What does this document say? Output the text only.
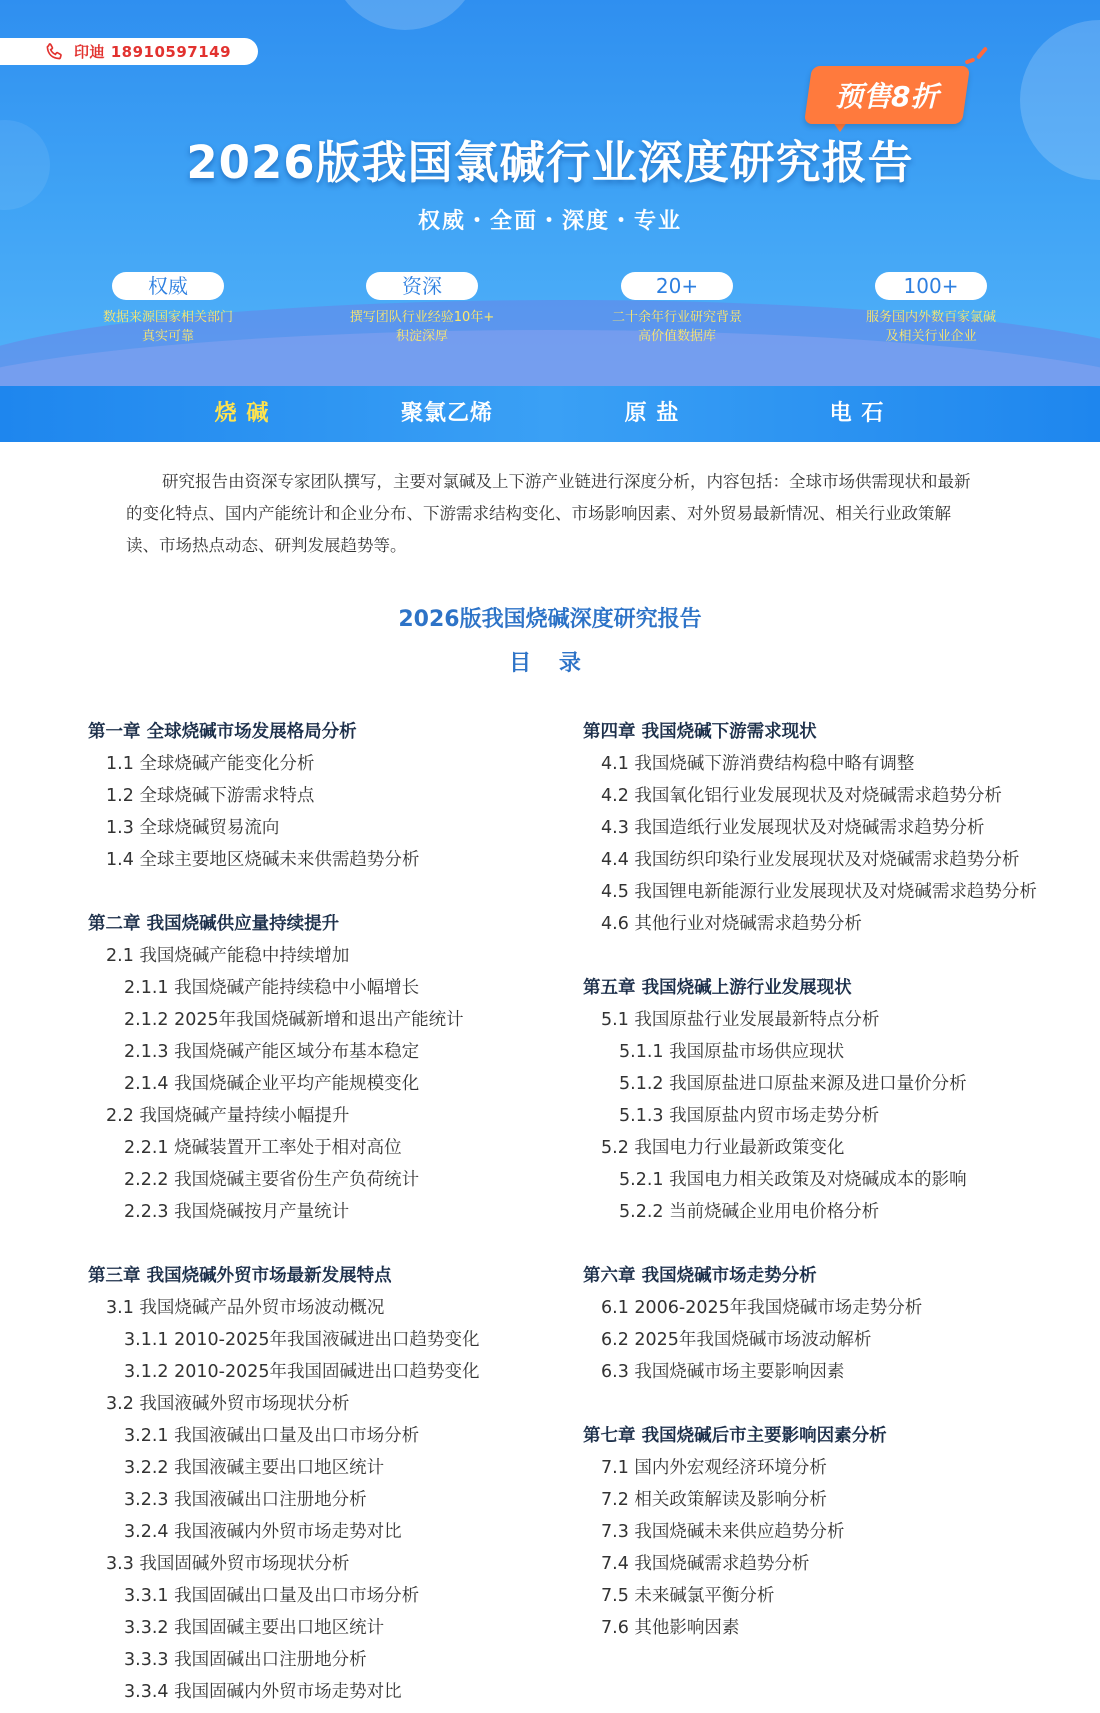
印迪 18910597149
预售8折
2026版我国氯碱行业深度研究报告
权威・全面・深度・专业
权威
数据来源国家相关部门
真实可靠
资深
撰写团队行业经验10年+
积淀深厚
20+
二十余年行业研究背景
高价值数据库
100+
服务国内外数百家氯碱
及相关行业企业
烧 碱	聚氯乙烯	原 盐	电 石
研究报告由资深专家团队撰写，主要对氯碱及上下游产业链进行深度分析，内容包括：全球市场供需现状和最新的变化特点、国内产能统计和企业分布、下游需求结构变化、市场影响因素、对外贸易最新情况、相关行业政策解读、市场热点动态、研判发展趋势等。
2026版我国烧碱深度研究报告
目 录
第一章 全球烧碱市场发展格局分析
1.1 全球烧碱产能变化分析
1.2 全球烧碱下游需求特点
1.3 全球烧碱贸易流向
1.4 全球主要地区烧碱未来供需趋势分析
第二章 我国烧碱供应量持续提升
2.1 我国烧碱产能稳中持续增加
2.1.1 我国烧碱产能持续稳中小幅增长
2.1.2 2025年我国烧碱新增和退出产能统计
2.1.3 我国烧碱产能区域分布基本稳定
2.1.4 我国烧碱企业平均产能规模变化
2.2 我国烧碱产量持续小幅提升
2.2.1 烧碱装置开工率处于相对高位
2.2.2 我国烧碱主要省份生产负荷统计
2.2.3 我国烧碱按月产量统计
第三章 我国烧碱外贸市场最新发展特点
3.1 我国烧碱产品外贸市场波动概况
3.1.1 2010-2025年我国液碱进出口趋势变化
3.1.2 2010-2025年我国固碱进出口趋势变化
3.2 我国液碱外贸市场现状分析
3.2.1 我国液碱出口量及出口市场分析
3.2.2 我国液碱主要出口地区统计
3.2.3 我国液碱出口注册地分析
3.2.4 我国液碱内外贸市场走势对比
3.3 我国固碱外贸市场现状分析
3.3.1 我国固碱出口量及出口市场分析
3.3.2 我国固碱主要出口地区统计
3.3.3 我国固碱出口注册地分析
3.3.4 我国固碱内外贸市场走势对比
第四章 我国烧碱下游需求现状
4.1 我国烧碱下游消费结构稳中略有调整
4.2 我国氧化铝行业发展现状及对烧碱需求趋势分析
4.3 我国造纸行业发展现状及对烧碱需求趋势分析
4.4 我国纺织印染行业发展现状及对烧碱需求趋势分析
4.5 我国锂电新能源行业发展现状及对烧碱需求趋势分析
4.6 其他行业对烧碱需求趋势分析
第五章 我国烧碱上游行业发展现状
5.1 我国原盐行业发展最新特点分析
5.1.1 我国原盐市场供应现状
5.1.2 我国原盐进口原盐来源及进口量价分析
5.1.3 我国原盐内贸市场走势分析
5.2 我国电力行业最新政策变化
5.2.1 我国电力相关政策及对烧碱成本的影响
5.2.2 当前烧碱企业用电价格分析
第六章 我国烧碱市场走势分析
6.1 2006-2025年我国烧碱市场走势分析
6.2 2025年我国烧碱市场波动解析
6.3 我国烧碱市场主要影响因素
第七章 我国烧碱后市主要影响因素分析
7.1 国内外宏观经济环境分析
7.2 相关政策解读及影响分析
7.3 我国烧碱未来供应趋势分析
7.4 我国烧碱需求趋势分析
7.5 未来碱氯平衡分析
7.6 其他影响因素
